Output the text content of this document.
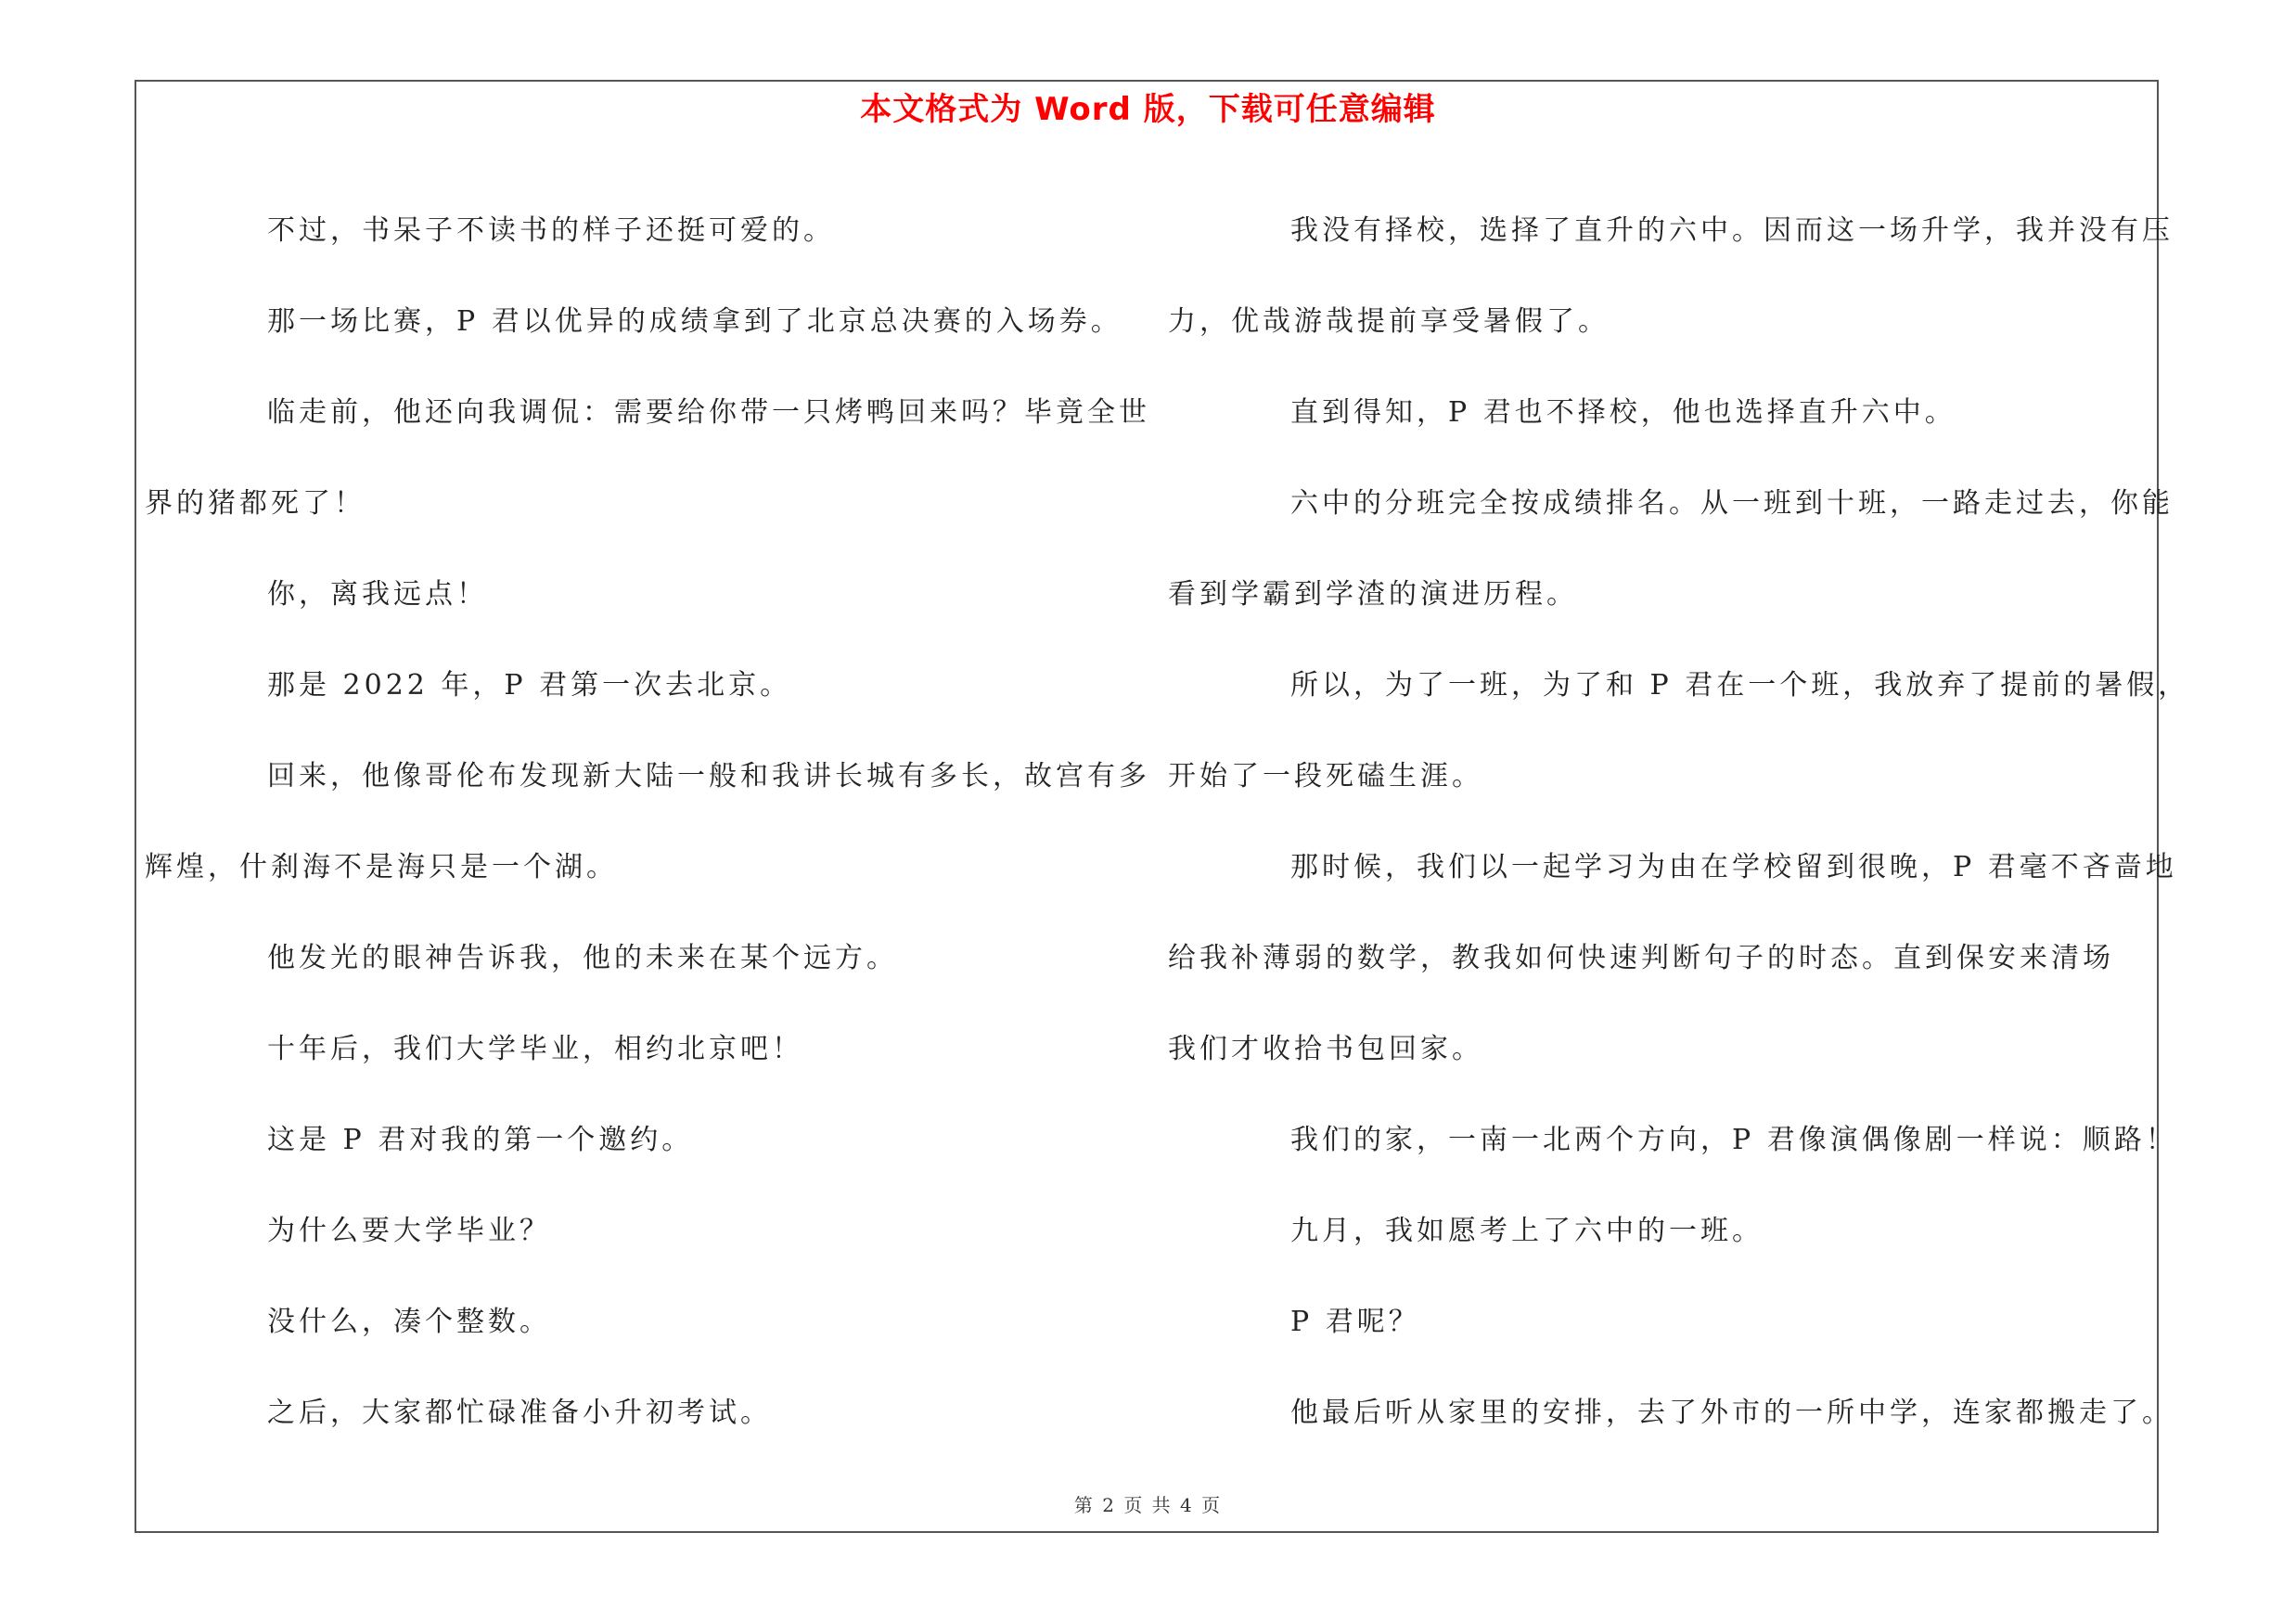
本文格式为 Word 版，下载可任意编辑

不过，书呆子不读书的样子还挺可爱的。

那一场比赛，P 君以优异的成绩拿到了北京总决赛的入场券。

临走前，他还向我调侃：需要给你带一只烤鸭回来吗？毕竟全世
界的猪都死了！

你，离我远点！

那是 2022 年，P 君第一次去北京。

回来，他像哥伦布发现新大陆一般和我讲长城有多长，故宫有多
辉煌，什刹海不是海只是一个湖。

他发光的眼神告诉我，他的未来在某个远方。

十年后，我们大学毕业，相约北京吧！

这是 P 君对我的第一个邀约。

为什么要大学毕业？

没什么，凑个整数。

之后，大家都忙碌准备小升初考试。

我没有择校，选择了直升的六中。因而这一场升学，我并没有压
力，优哉游哉提前享受暑假了。

直到得知，P 君也不择校，他也选择直升六中。

六中的分班完全按成绩排名。从一班到十班，一路走过去，你能
看到学霸到学渣的演进历程。

所以，为了一班，为了和 P 君在一个班，我放弃了提前的暑假，
开始了一段死磕生涯。

那时候，我们以一起学习为由在学校留到很晚，P 君毫不吝啬地
给我补薄弱的数学，教我如何快速判断句子的时态。直到保安来清场
我们才收拾书包回家。

我们的家，一南一北两个方向，P 君像演偶像剧一样说：顺路！

九月，我如愿考上了六中的一班。

P 君呢？

他最后听从家里的安排，去了外市的一所中学，连家都搬走了。

第 2 页 共 4 页
